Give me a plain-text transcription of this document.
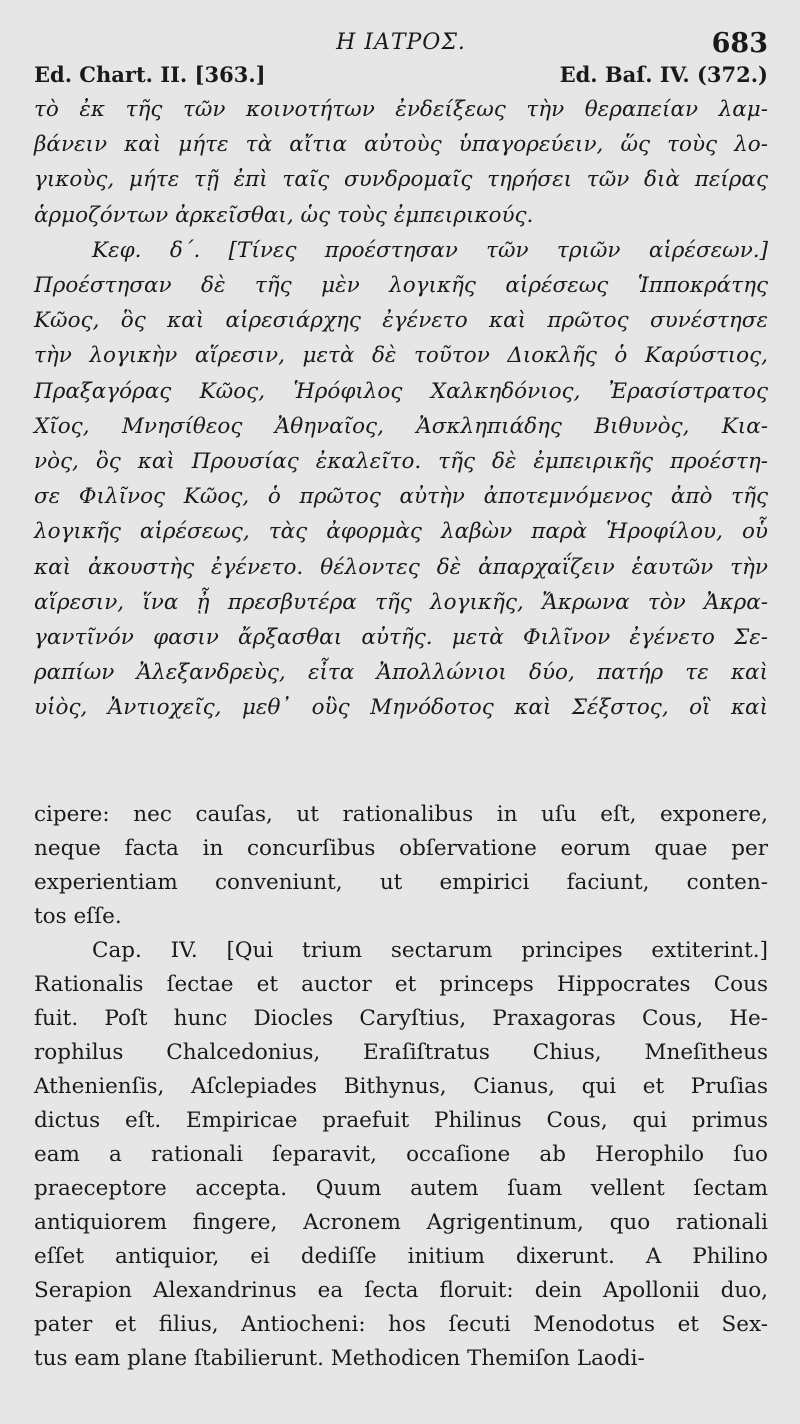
Η ΙΑΤΡΟΣ.	683
Ed. Chart. II. [363.]	Ed. Baſ. IV. (372.)
τὸ ἐκ τῆς τῶν κοινοτήτων ἐνδείξεως τὴν θεραπείαν λαμ-
βάνειν καὶ μήτε τὰ αἴτια αὐτοὺς ὑπαγορεύειν, ὥς τοὺς λο-
γικοὺς, μήτε τῇ ἐπὶ ταῖς συνδρομαῖς τηρήσει τῶν διὰ πείρας
ἁρμοζόντων ἀρκεῖσθαι, ὡς τοὺς ἐμπειρικούς.
Κεφ. δ΄. [Τίνες προέστησαν τῶν τριῶν αἱρέσεων.]
Προέστησαν δὲ τῆς μὲν λογικῆς αἱρέσεως Ἱπποκράτης
Κῶος, ὃς καὶ αἱρεσιάρχης ἐγένετο καὶ πρῶτος συνέστησε
τὴν λογικὴν αἵρεσιν, μετὰ δὲ τοῦτον Διοκλῆς ὁ Καρύστιος,
Πραξαγόρας Κῶος, Ἡρόφιλος Χαλκηδόνιος, Ἐρασίστρατος
Χῖος, Μνησίθεος Ἀθηναῖος, Ἀσκληπιάδης Βιθυνὸς, Κια-
νὸς, ὃς καὶ Προυσίας ἐκαλεῖτο. τῆς δὲ ἐμπειρικῆς προέστη-
σε Φιλῖνος Κῶος, ὁ πρῶτος αὐτὴν ἀποτεμνόμενος ἀπὸ τῆς
λογικῆς αἱρέσεως, τὰς ἀφορμὰς λαβὼν παρὰ Ἡροφίλου, οὗ
καὶ ἀκουστὴς ἐγένετο. θέλοντες δὲ ἀπαρχαΐζειν ἑαυτῶν τὴν
αἵρεσιν, ἵνα ᾖ πρεσβυτέρα τῆς λογικῆς, Ἄκρωνα τὸν Ἀκρα-
γαντῖνόν φασιν ἄρξασθαι αὐτῆς. μετὰ Φιλῖνον ἐγένετο Σε-
ραπίων Ἀλεξανδρεὺς, εἶτα Ἀπολλώνιοι δύο, πατήρ τε καὶ
υἱὸς, Ἀντιοχεῖς, μεθ᾽ οὓς Μηνόδοτος καὶ Σέξστος, οἳ καὶ
cipere: nec cauſas, ut rationalibus in uſu eſt, exponere,
neque facta in concurſibus obſervatione eorum quae per
experientiam conveniunt, ut empirici faciunt, conten-
tos eſſe.
Cap. IV. [Qui trium sectarum principes extiterint.]
Rationalis ſectae et auctor et princeps Hippocrates Cous
fuit. Poſt hunc Diocles Caryſtius, Praxagoras Cous, He-
rophilus Chalcedonius, Eraſiſtratus Chius, Mneſitheus
Athenienſis, Aſclepiades Bithynus, Cianus, qui et Pruſias
dictus eſt. Empiricae praefuit Philinus Cous, qui primus
eam a rationali ſeparavit, occaſione ab Herophilo ſuo
praeceptore accepta. Quum autem ſuam vellent ſectam
antiquiorem fingere, Acronem Agrigentinum, quo rationali
eſſet antiquior, ei dediſſe initium dixerunt. A Philino
Serapion Alexandrinus ea ſecta floruit: dein Apollonii duo,
pater et filius, Antiocheni: hos ſecuti Menodotus et Sex-
tus eam plane ſtabilierunt. Methodicen Themiſon Laodi-
